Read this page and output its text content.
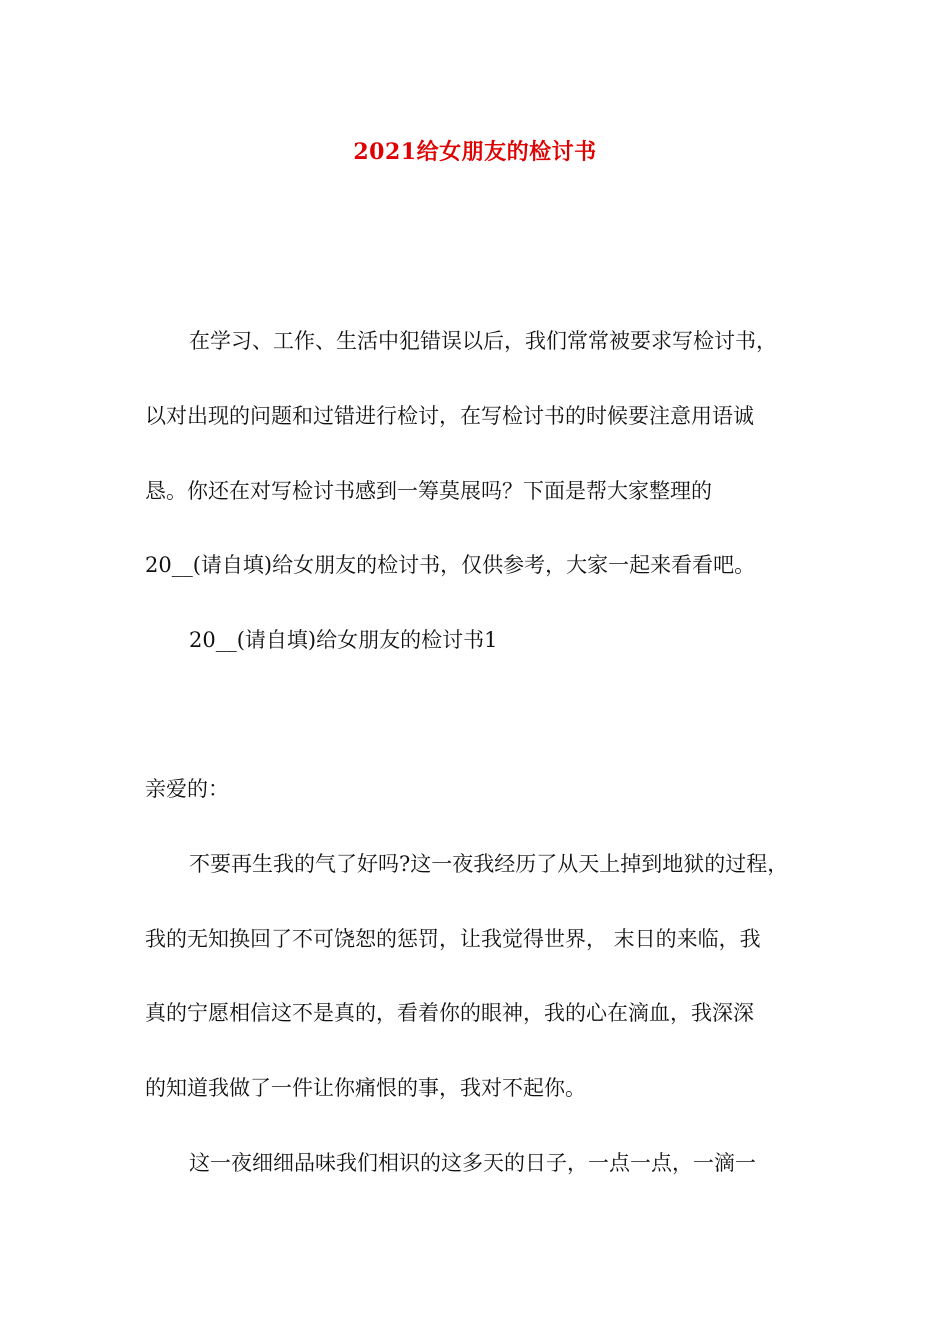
2021给女朋友的检讨书
在学习、工作、生活中犯错误以后，我们常常被要求写检讨书，
以对出现的问题和过错进行检讨，在写检讨书的时候要注意用语诚
恳。你还在对写检讨书感到一筹莫展吗？下面是帮大家整理的
20__(请自填)给女朋友的检讨书，仅供参考，大家一起来看看吧。
20__(请自填)给女朋友的检讨书1
亲爱的：
不要再生我的气了好吗?这一夜我经历了从天上掉到地狱的过程，
我的无知换回了不可饶恕的惩罚，让我觉得世界， 末日的来临，我
真的宁愿相信这不是真的，看着你的眼神，我的心在滴血，我深深
的知道我做了一件让你痛恨的事，我对不起你。
这一夜细细品味我们相识的这多天的日子，一点一点，一滴一
